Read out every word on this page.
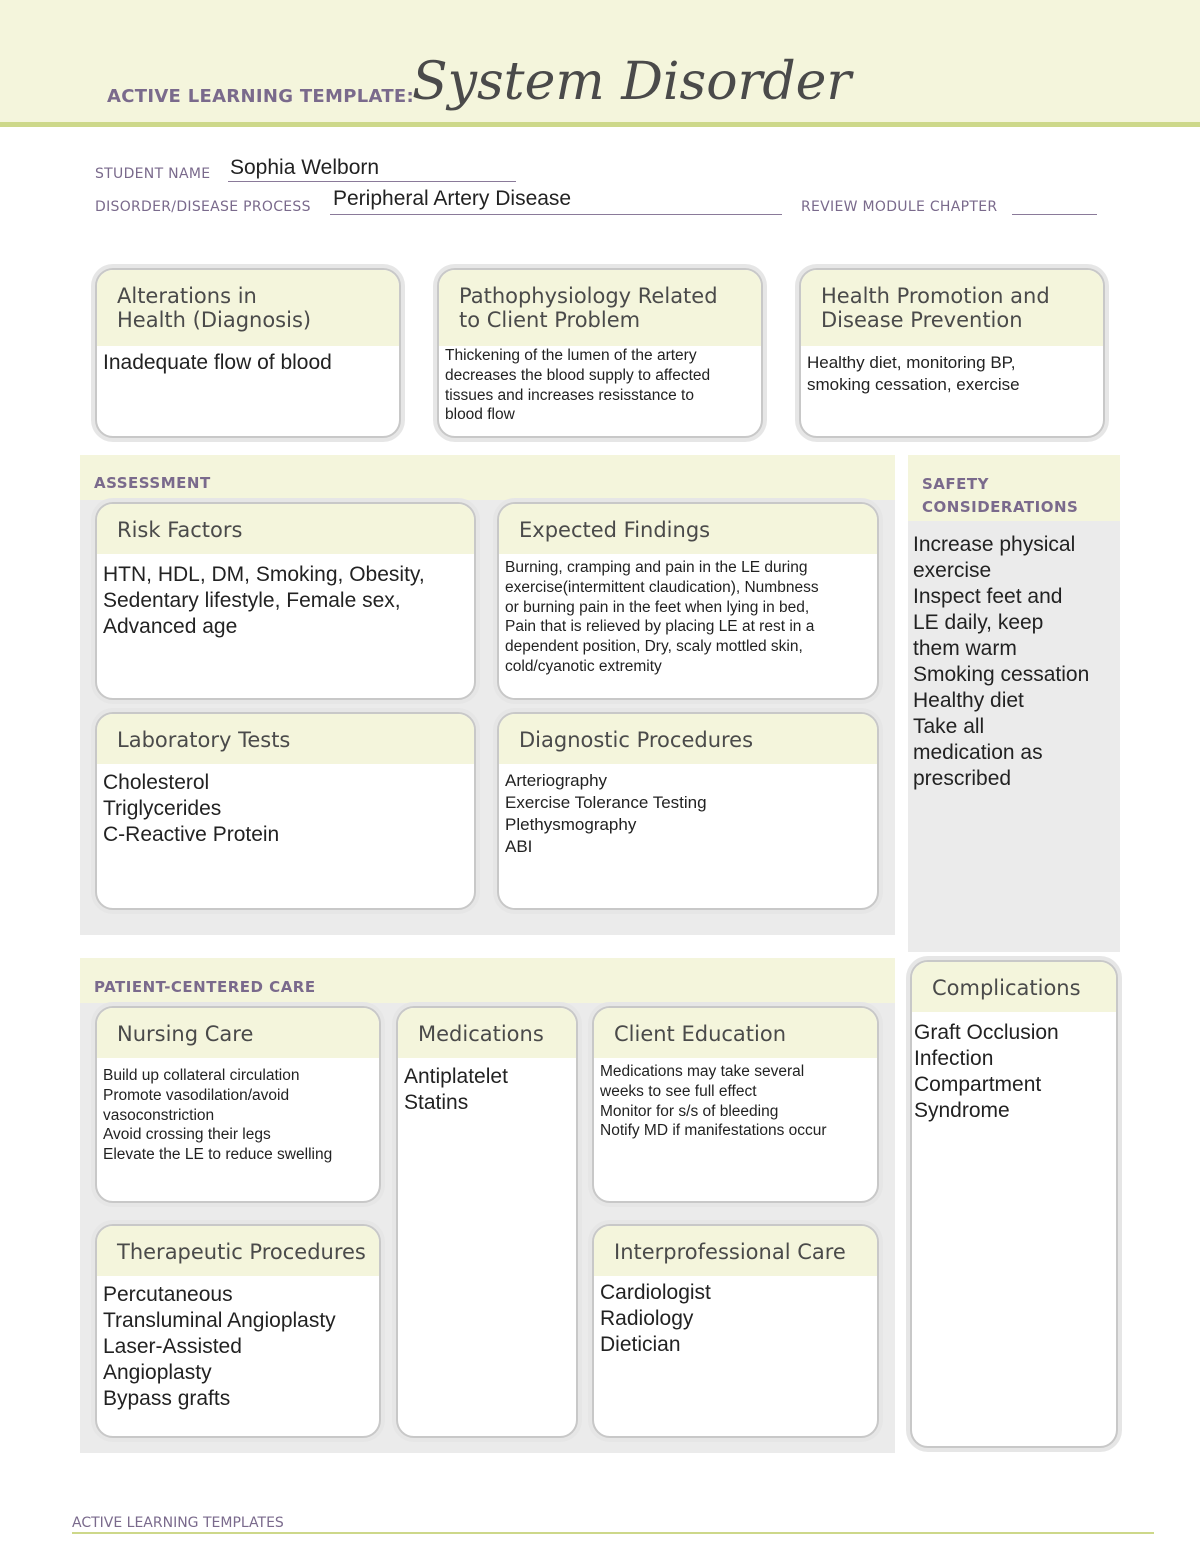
ACTIVE LEARNING TEMPLATE:
System Disorder
STUDENT NAME Sophia Welborn
DISORDER/DISEASE PROCESS Peripheral Artery Disease	REVIEW MODULE CHAPTER
Alterations in
Health (Diagnosis)
Inadequate flow of blood
Pathophysiology Related
to Client Problem
Thickening of the lumen of the artery
decreases the blood supply to affected
tissues and increases resisstance to
blood flow
Health Promotion and
Disease Prevention
Healthy diet, monitoring BP,
smoking cessation, exercise
ASSESSMENT
Risk Factors
HTN, HDL, DM, Smoking, Obesity,
Sedentary lifestyle, Female sex,
Advanced age
Expected Findings
Burning, cramping and pain in the LE during
exercise(intermittent claudication), Numbness
or burning pain in the feet when lying in bed,
Pain that is relieved by placing LE at rest in a
dependent position, Dry, scaly mottled skin,
cold/cyanotic extremity
Laboratory Tests
Cholesterol
Triglycerides
C-Reactive Protein
Diagnostic Procedures
Arteriography
Exercise Tolerance Testing
Plethysmography
ABI
SAFETY
CONSIDERATIONS
Increase physical
exercise
Inspect feet and
LE daily, keep
them warm
Smoking cessation
Healthy diet
Take all
medication as
prescribed
Complications
Graft Occlusion
Infection
Compartment
Syndrome
PATIENT-CENTERED CARE
Nursing Care
Build up collateral circulation
Promote vasodilation/avoid
vasoconstriction
Avoid crossing their legs
Elevate the LE to reduce swelling
Medications
Antiplatelet
Statins
Client Education
Medications may take several
weeks to see full effect
Monitor for s/s of bleeding
Notify MD if manifestations occur
Therapeutic Procedures
Percutaneous
Transluminal Angioplasty
Laser-Assisted
Angioplasty
Bypass grafts
Interprofessional Care
Cardiologist
Radiology
Dietician
ACTIVE LEARNING TEMPLATES
